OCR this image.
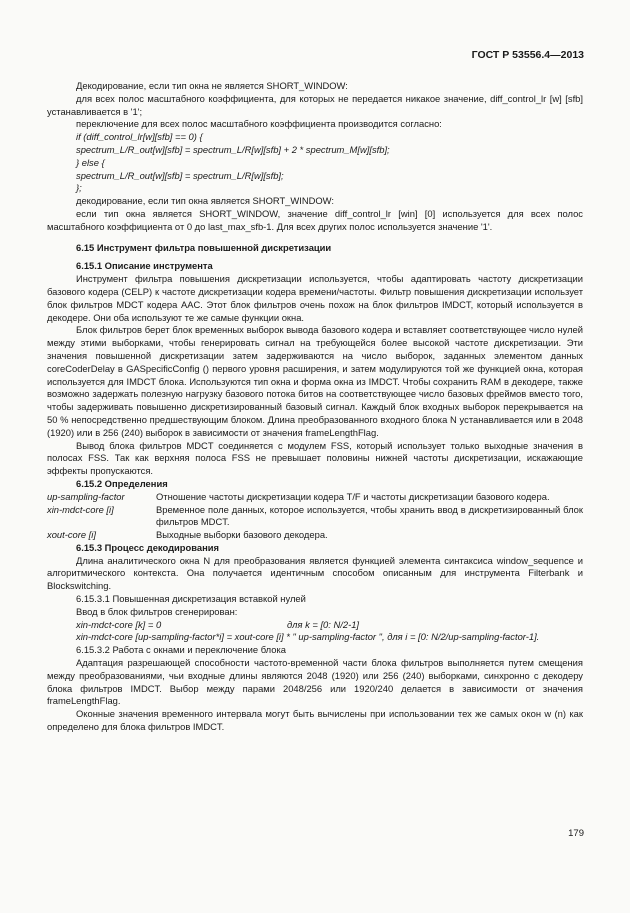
ГОСТ Р 53556.4—2013

Декодирование, если тип окна не является SHORT_WINDOW:

для всех полос масштабного коэффициента, для которых не передается никакое значение, diff_control_lr [w] [sfb] устанавливается в '1';

переключение для всех полос масштабного коэффициента производится согласно:

if (diff_control_lr[w][sfb] == 0) {

spectrum_L/R_out[w][sfb] = spectrum_L/R[w][sfb] + 2 * spectrum_M[w][sfb];

} else {

spectrum_L/R_out[w][sfb] = spectrum_L/R[w][sfb];

};

декодирование, если тип окна является SHORT_WINDOW:

если тип окна является SHORT_WINDOW, значение diff_control_lr [win] [0] используется для всех полос масштабного коэффициента от 0 до last_max_sfb-1. Для всех других полос используется значение '1'.

6.15 Инструмент фильтра повышенной дискретизации

6.15.1 Описание инструмента

Инструмент фильтра повышения дискретизации используется, чтобы адаптировать частоту дискретизации базового кодера (CELP) к частоте дискретизации кодера времени/частоты. Фильтр повышения дискретизации использует блок фильтров MDCT кодера AAC. Этот блок фильтров очень похож на блок фильтров IMDCT, который используется в декодере. Они оба используют те же самые функции окна.

Блок фильтров берет блок временных выборок вывода базового кодера и вставляет соответствующее число нулей между этими выборками, чтобы генерировать сигнал на требующейся более высокой частоте дискретизации. Эти значения повышенной дискретизации затем задерживаются на число выборок, заданных элементом данных coreCoderDelay в GASpecificConfig () первого уровня расширения, и затем модулируются той же функцией окна, которая используется для IMDCT блока. Используются тип окна и форма окна из IMDCT. Чтобы сохранить RAM в декодере, также возможно задержать полезную нагрузку базового потока битов на соответствующее число базовых фреймов вместо того, чтобы задерживать повышенно дискретизированный базовый сигнал. Каждый блок входных выборок перекрывается на 50 % непосредственно предшествующим блоком. Длина преобразованного входного блока N устанавливается или в 2048 (1920) или в 256 (240) выборок в зависимости от значения frameLengthFlag.

Вывод блока фильтров MDCT соединяется с модулем FSS, который использует только выходные значения в полосах FSS. Так как верхняя полоса FSS не превышает половины нижней частоты дискретизации, искажающие эффекты пропускаются.

6.15.2 Определения

up-sampling-factor	Отношение частоты дискретизации кодера T/F и частоты дискретизации базового кодера.
xin-mdct-core [i]	Временное поле данных, которое используется, чтобы хранить ввод в дискретизированный блок фильтров MDCT.
xout-core [i]	Выходные выборки базового декодера.

6.15.3 Процесс декодирования

Длина аналитического окна N для преобразования является функцией элемента синтаксиса window_sequence и алгоритмического контекста. Она получается идентичным способом описанным для инструмента Filterbank и Blockswitching.

6.15.3.1 Повышенная дискретизация вставкой нулей

Ввод в блок фильтров сгенерирован:

xin-mdct-core [k] = 0	для k = [0: N/2-1]

xin-mdct-core [up-sampling-factor*i] = xout-core [i] * " up-sampling-factor ", для i = [0: N/2/up-sampling-factor-1].

6.15.3.2 Работа с окнами и переключение блока

Адаптация разрешающей способности частото-временной части блока фильтров выполняется путем смещения между преобразованиями, чьи входные длины являются 2048 (1920) или 256 (240) выборками, синхронно с декодеру блока фильтров IMDCT. Выбор между парами 2048/256 или 1920/240 делается в зависимости от значения frameLengthFlag.

Оконные значения временного интервала могут быть вычислены при использовании тех же самых окон w (n) как определено для блока фильтров IMDCT.

179
